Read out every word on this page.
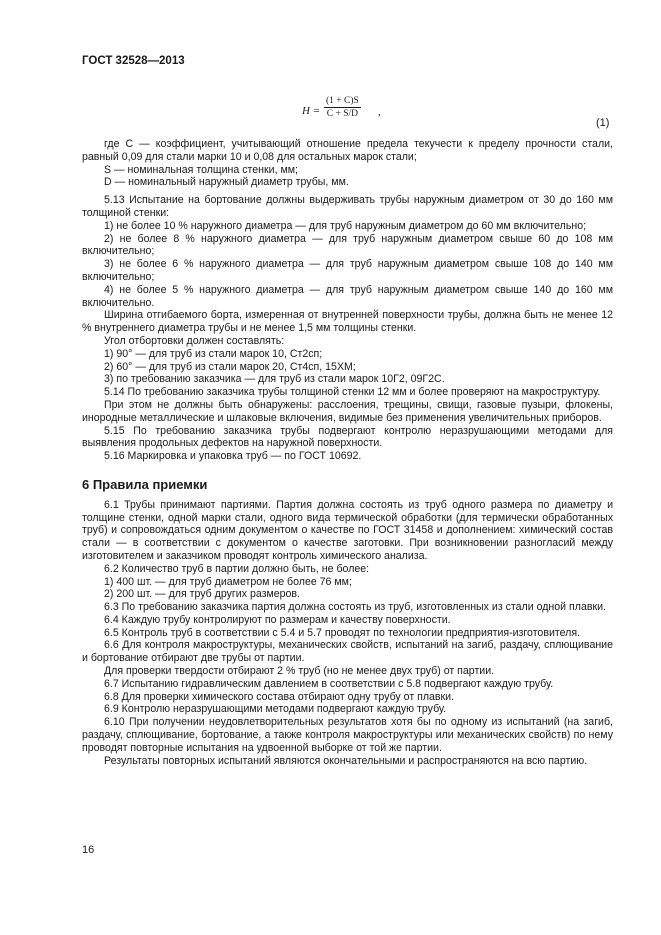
ГОСТ 32528—2013
$H = \frac{(1 + C)S}{C + S/D}$ ,
(1)

где C — коэффициент, учитывающий отношение предела текучести к пределу прочности стали, равный 0,09 для стали марки 10 и 0,08 для остальных марок стали;

S — номинальная толщина стенки, мм;

D — номинальный наружный диаметр трубы, мм.

5.13 Испытание на бортование должны выдерживать трубы наружным диаметром от 30 до 160 мм толщиной стенки:

1) не более 10 % наружного диаметра — для труб наружным диаметром до 60 мм включительно;

2) не более 8 % наружного диаметра — для труб наружным диаметром свыше 60 до 108 мм включительно;

3) не более 6 % наружного диаметра — для труб наружным диаметром свыше 108 до 140 мм включительно;

4) не более 5 % наружного диаметра — для труб наружным диаметром свыше 140 до 160 мм включительно.

Ширина отгибаемого борта, измеренная от внутренней поверхности трубы, должна быть не менее 12 % внутреннего диаметра трубы и не менее 1,5 мм толщины стенки.

Угол отбортовки должен составлять:

1) 90° — для труб из стали марок 10, Ст2сп;

2) 60° — для труб из стали марок 20, Ст4сп, 15ХМ;

3) по требованию заказчика — для труб из стали марок 10Г2, 09Г2С.

5.14 По требованию заказчика трубы толщиной стенки 12 мм и более проверяют на макроструктуру.

При этом не должны быть обнаружены: расслоения, трещины, свищи, газовые пузыри, флокены, инородные металлические и шлаковые включения, видимые без применения увеличительных приборов.

5.15 По требованию заказчика трубы подвергают контролю неразрушающими методами для выявления продольных дефектов на наружной поверхности.

5.16 Маркировка и упаковка труб — по ГОСТ 10692.

6 Правила приемки

6.1 Трубы принимают партиями. Партия должна состоять из труб одного размера по диаметру и толщине стенки, одной марки стали, одного вида термической обработки (для термически обработанных труб) и сопровождаться одним документом о качестве по ГОСТ 31458 и дополнением: химический состав стали — в соответствии с документом о качестве заготовки. При возникновении разногласий между изготовителем и заказчиком проводят контроль химического анализа.

6.2 Количество труб в партии должно быть, не более:

1) 400 шт. — для труб диаметром не более 76 мм;

2) 200 шт. — для труб других размеров.

6.3 По требованию заказчика партия должна состоять из труб, изготовленных из стали одной плавки.

6.4 Каждую трубу контролируют по размерам и качеству поверхности.

6.5 Контроль труб в соответствии с 5.4 и 5.7 проводят по технологии предприятия-изготовителя.

6.6 Для контроля макроструктуры, механических свойств, испытаний на загиб, раздачу, сплющивание и бортование отбирают две трубы от партии.

Для проверки твердости отбирают 2 % труб (но не менее двух труб) от партии.

6.7 Испытанию гидравлическим давлением в соответствии с 5.8 подвергают каждую трубу.

6.8 Для проверки химического состава отбирают одну трубу от плавки.

6.9 Контролю неразрушающими методами подвергают каждую трубу.

6.10 При получении неудовлетворительных результатов хотя бы по одному из испытаний (на загиб, раздачу, сплющивание, бортование, а также контроля макроструктуры или механических свойств) по нему проводят повторные испытания на удвоенной выборке от той же партии.

Результаты повторных испытаний являются окончательными и распространяются на всю партию.

16
